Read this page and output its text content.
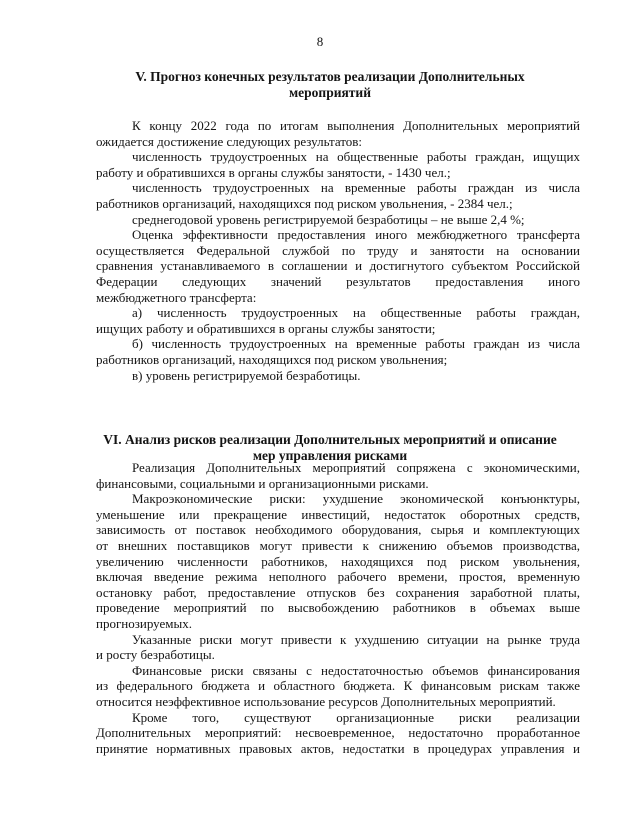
8
V. Прогноз конечных результатов реализации Дополнительных
мероприятий
К концу 2022 года по итогам выполнения Дополнительных мероприятий
ожидается достижение следующих результатов:
численность трудоустроенных на общественные работы граждан, ищущих
работу и обратившихся в органы службы занятости, - 1430 чел.;
численность трудоустроенных на временные работы граждан из числа
работников организаций, находящихся под риском увольнения, - 2384 чел.;
среднегодовой уровень регистрируемой безработицы – не выше 2,4 %;
Оценка эффективности предоставления иного межбюджетного трансферта
осуществляется Федеральной службой по труду и занятости на основании
сравнения устанавливаемого в соглашении и достигнутого субъектом Российской
Федерации следующих значений результатов предоставления иного
межбюджетного трансферта:
а) численность трудоустроенных на общественные работы граждан,
ищущих работу и обратившихся в органы службы занятости;
б) численность трудоустроенных на временные работы граждан из числа
работников организаций, находящихся под риском увольнения;
в) уровень регистрируемой безработицы.
VI. Анализ рисков реализации Дополнительных мероприятий и описание
мер управления рисками
Реализация Дополнительных мероприятий сопряжена с экономическими,
финансовыми, социальными и организационными рисками.
Макроэкономические риски: ухудшение экономической конъюнктуры,
уменьшение или прекращение инвестиций, недостаток оборотных средств,
зависимость от поставок необходимого оборудования, сырья и комплектующих
от внешних поставщиков могут привести к снижению объемов производства,
увеличению численности работников, находящихся под риском увольнения,
включая введение режима неполного рабочего времени, простоя, временную
остановку работ, предоставление отпусков без сохранения заработной платы,
проведение мероприятий по высвобождению работников в объемах выше
прогнозируемых.
Указанные риски могут привести к ухудшению ситуации на рынке труда
и росту безработицы.
Финансовые риски связаны с недостаточностью объемов финансирования
из федерального бюджета и областного бюджета. К финансовым рискам также
относится неэффективное использование ресурсов Дополнительных мероприятий.
Кроме того, существуют организационные риски реализации
Дополнительных мероприятий: несвоевременное, недостаточно проработанное
принятие нормативных правовых актов, недостатки в процедурах управления и
